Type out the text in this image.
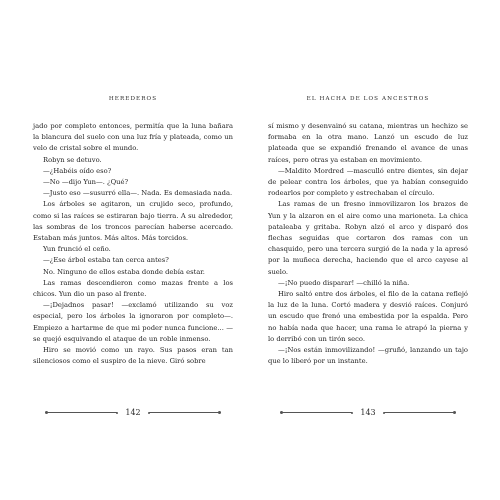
HEREDEROS

jado por completo entonces, permitía que la luna bañara la blancura del suelo con una luz fría y plateada, como un velo de cristal sobre el mundo.

Robyn se detuvo.

—¿Habéis oído eso?

—No —dijo Yun—. ¿Qué?

—Justo eso —susurró ella—. Nada. Es demasiada nada.

Los árboles se agitaron, un crujido seco, profundo, como si las raíces se estiraran bajo tierra. A su alrededor, las sombras de los troncos parecían haberse acercado. Estaban más juntos. Más altos. Más torcidos.

Yun frunció el ceño.

—¿Ese árbol estaba tan cerca antes?

No. Ninguno de ellos estaba donde debía estar.

Las ramas descendieron como mazas frente a los chicos. Yun dio un paso al frente.

—¡Dejadnos pasar! —exclamó utilizando su voz especial, pero los árboles la ignoraron por completo—. Empiezo a hartarme de que mi poder nunca funcione... —se quejó esquivando el ataque de un roble inmenso.

Hiro se movió como un rayo. Sus pasos eran tan silenciosos como el suspiro de la nieve. Giró sobre

142
EL HACHA DE LOS ANCESTROS

sí mismo y desenvainó su catana, mientras un hechizo se formaba en la otra mano. Lanzó un escudo de luz plateada que se expandió frenando el avance de unas raíces, pero otras ya estaban en movimiento.

—Maldito Mordred —masculló entre dientes, sin dejar de pelear contra los árboles, que ya habían conseguido rodearlos por completo y estrechaban el círculo.

Las ramas de un fresno inmovilizaron los brazos de Yun y la alzaron en el aire como una marioneta. La chica pataleaba y gritaba. Robyn alzó el arco y disparó dos flechas seguidas que cortaron dos ramas con un chasquido, pero una tercera surgió de la nada y la apresó por la muñeca derecha, haciendo que el arco cayese al suelo.

—¡No puedo disparar! —chilló la niña.

Hiro saltó entre dos árboles, el filo de la catana reflejó la luz de la luna. Cortó madera y desvió raíces. Conjuró un escudo que frenó una embestida por la espalda. Pero no había nada que hacer, una rama le atrapó la pierna y lo derribó con un tirón seco.

—¡Nos están inmovilizando! —gruñó, lanzando un tajo que lo liberó por un instante.

143
